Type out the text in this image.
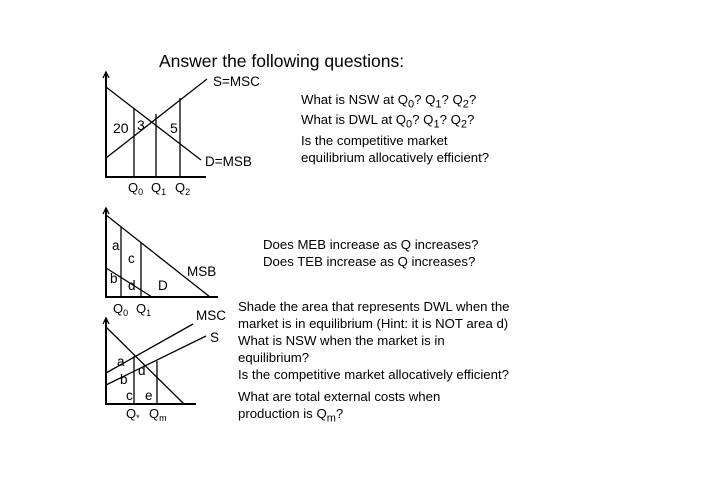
Answer the following questions:
S=MSC
D=MSB
20 3 5
$Q_0$ $Q_1$ $Q_2$
MSB
a
b
c
d D
$Q_0$ $Q_1$	MSC
S
a
b
d
c e
$Q_*$ $Q_m$
What is NSW at $Q_0$? $Q_1$? $Q_2$?
What is DWL at $Q_0$? $Q_1$? $Q_2$?
Is the competitive market
equilibrium allocatively efficient?
Does MEB increase as Q increases?
Does TEB increase as Q increases?
Shade the area that represents DWL when the
market is in equilibrium (Hint: it is NOT area d)
What is NSW when the market is in
equilibrium?
Is the competitive market allocatively efficient?
What are total external costs when
production is $Q_m$?
